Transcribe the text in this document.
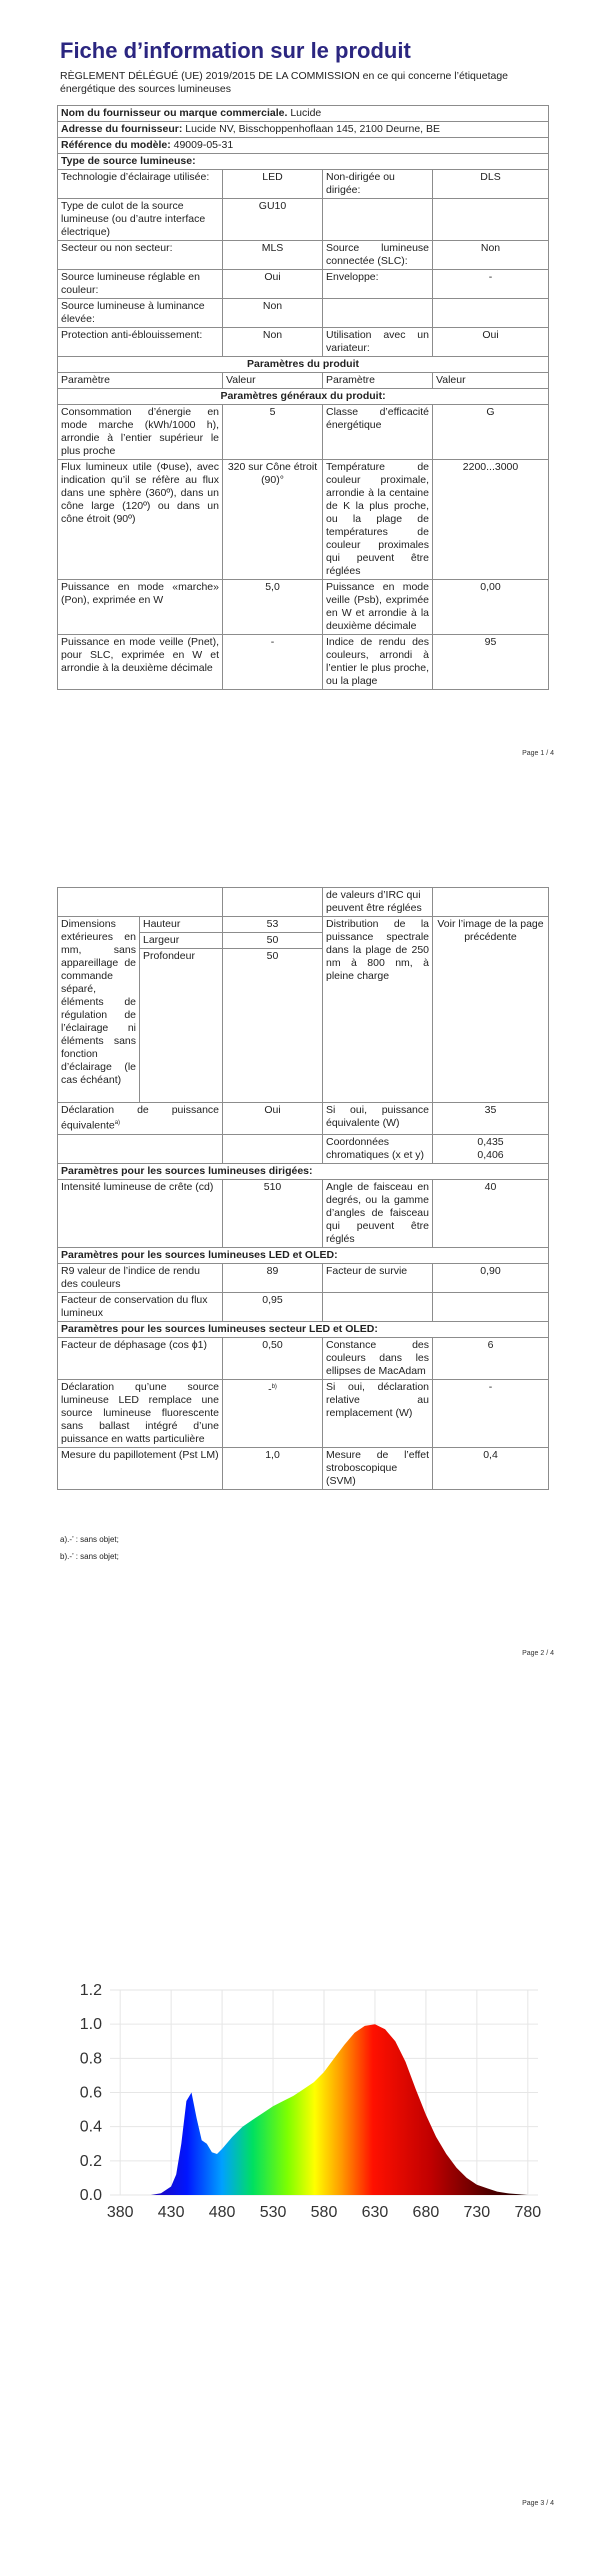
Fiche d’information sur le produit
RÈGLEMENT DÉLÉGUÉ (UE) 2019/2015 DE LA COMMISSION en ce qui concerne l’étiquetage énergétique des sources lumineuses
Nom du fournisseur ou marque commerciale. Lucide			
Adresse du fournisseur: Lucide NV, Bisschoppenhoflaan 145, 2100 Deurne, BE			
Référence du modèle: 49009-05-31			
Type de source lumineuse:			
Technologie d’éclairage utilisée:	LED	Non-dirigée ou dirigée:	DLS
Type de culot de la source lumineuse (ou d’autre interface électrique)	GU10		
Secteur ou non secteur:	MLS	Source lumineuse connectée (SLC):	Non
Source lumineuse réglable en couleur:	Oui	Enveloppe:	-
Source lumineuse à luminance élevée:	Non		
Protection anti-éblouissement:	Non	Utilisation avec un variateur:	Oui
Paramètres du produit			
Paramètre	Valeur	Paramètre	Valeur
Paramètres généraux du produit:			
Consommation d’énergie en mode marche (kWh/1000 h), arrondie à l’entier supérieur le plus proche	5	Classe d’efficacité énergétique	G
Flux lumineux utile (Φuse), avec indication qu’il se réfère au flux dans une sphère (360º), dans un cône large (120º) ou dans un cône étroit (90º)	320 sur Cône étroit (90)°	Température de couleur proximale, arrondie à la centaine de K la plus proche, ou la plage de températures de couleur proximales qui peuvent être réglées	2200...3000
Puissance en mode «marche» (Pon), exprimée en W	5,0	Puissance en mode veille (Psb), exprimée en W et arrondie à la deuxième décimale	0,00
Puissance en mode veille (Pnet), pour SLC, exprimée en W et arrondie à la deuxième décimale	-	Indice de rendu des couleurs, arrondi à l’entier le plus proche, ou la plage	95
Page 1 / 4
			de valeurs d’IRC qui peuvent être réglées	
Dimensions extérieures en mm, sans appareillage de commande séparé, éléments de régulation de l’éclairage ni éléments sans fonction d’éclairage (le cas échéant)	Hauteur	53	Distribution de la puissance spectrale dans la plage de 250 nm à 800 nm, à pleine charge	Voir l’image de la page précédente
	Largeur	50		
	Profondeur	50		
Déclaration de puissance équivalente$^{a)}$		Oui	Si oui, puissance équivalente (W)	35
			Coordonnées chromatiques (x et y)	0,435
0,406
Paramètres pour les sources lumineuses dirigées:				
Intensité lumineuse de crête (cd)		510	Angle de faisceau en degrés, ou la gamme d’angles de faisceau qui peuvent être réglés	40
Paramètres pour les sources lumineuses LED et OLED:				
R9 valeur de l’indice de rendu des couleurs		89	Facteur de survie	0,90
Facteur de conservation du flux lumineux		0,95		
Paramètres pour les sources lumineuses secteur LED et OLED:				
Facteur de déphasage (cos ϕ1)		0,50	Constance des couleurs dans les ellipses de MacAdam	6
Déclaration qu’une source lumineuse LED remplace une source lumineuse fluorescente sans ballast intégré d’une puissance en watts particulière		-$^{b)}$	Si oui, déclaration relative au remplacement (W)	-
Mesure du papillotement (Pst LM)		1,0	Mesure de l’effet stroboscopique (SVM)	0,4
a).-’ : sans objet;
b).-’ : sans objet;
Page 2 / 4
Page 3 / 4
380 430 480 530 580 630 680 730 780
0.0
0.2
0.4
0.6
0.8
1.0
1.2
